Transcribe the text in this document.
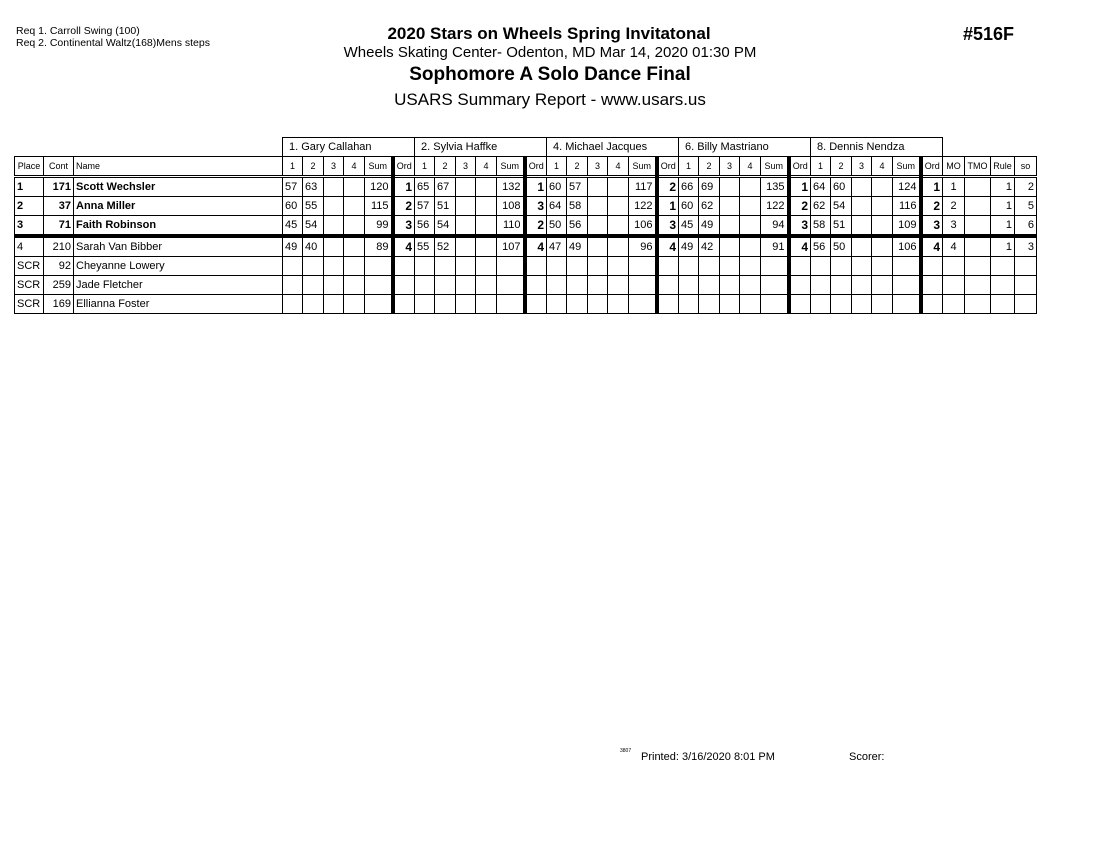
Req 1. Carroll Swing (100)
Req 2. Continental Waltz(168)Mens steps	2020 Stars on Wheels Spring Invitatonal
Wheels Skating Center- Odenton, MD Mar 14, 2020 01:30 PM
Sophomore A Solo Dance Final
USARS Summary Report - www.usars.us
#516F
			1. Gary Callahan						2. Sylvia Haffke						4. Michael Jacques						6. Billy Mastriano						8. Dennis Nendza									
Place	Cont	Name	1	2	3	4	Sum	Ord	1	2	3	4	Sum	Ord	1	2	3	4	Sum	Ord	1	2	3	4	Sum	Ord	1	2	3	4	Sum	Ord	MO	TMO	Rule	so
1	171	Scott Wechsler	57	63			120	1	65	67			132	1	60	57			117	2	66	69			135	1	64	60			124	1	1		1	2
2	37	Anna Miller	60	55			115	2	57	51			108	3	64	58			122	1	60	62			122	2	62	54			116	2	2		1	5
3	71	Faith Robinson	45	54			99	3	56	54			110	2	50	56			106	3	45	49			94	3	58	51			109	3	3		1	6
4	210	Sarah Van Bibber	49	40			89	4	55	52			107	4	47	49			96	4	49	42			91	4	56	50			106	4	4		1	3
SCR	92	Cheyanne Lowery																																		
SCR	259	Jade Fletcher																																		
SCR	169	Ellianna Foster																																		
3807 Printed: 3/16/2020 8:01 PM	Scorer:
